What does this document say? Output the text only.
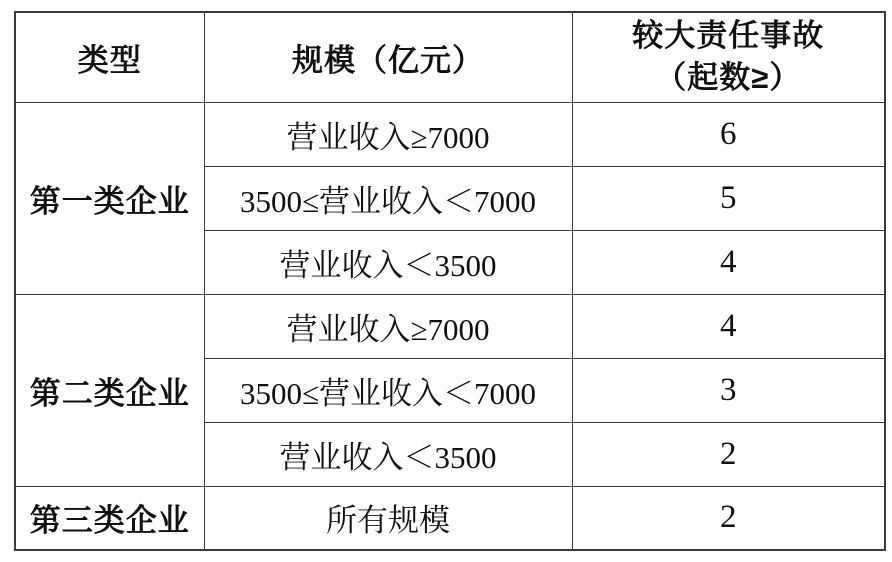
类型	规模（亿元）	较大责任事故
（起数≥）

第一类企业	营业收入≥7000	6
	3500≤营业收入＜7000	5
	营业收入＜3500	4
第二类企业	营业收入≥7000	4
	3500≤营业收入＜7000	3
	营业收入＜3500	2
第三类企业	所有规模	2
